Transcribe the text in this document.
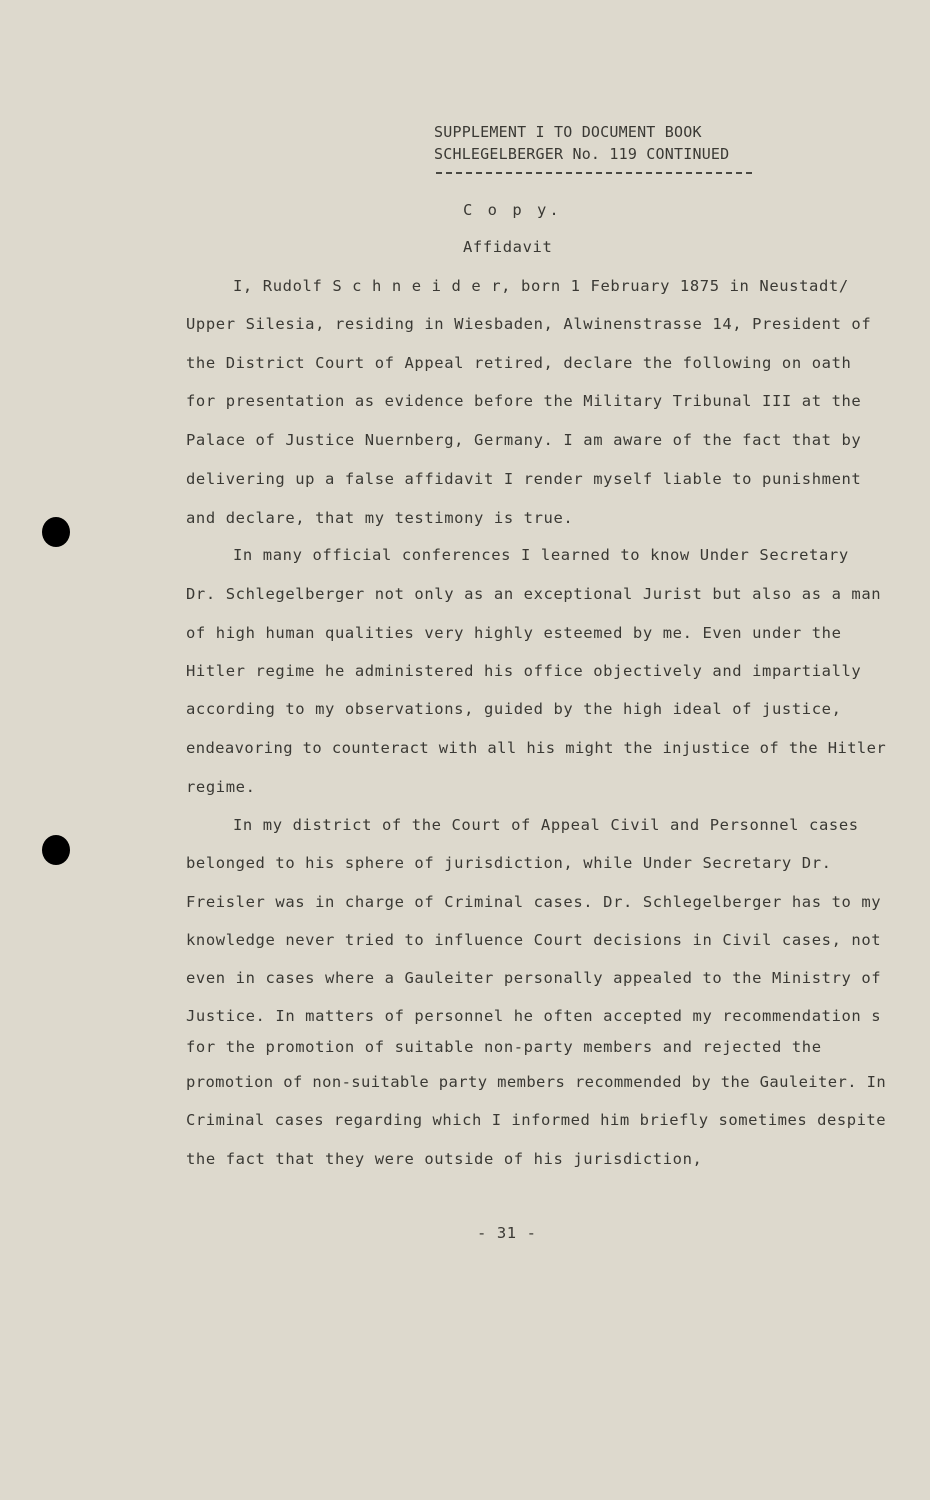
SUPPLEMENT I TO DOCUMENT BOOK
SCHLEGELBERGER No. 119 CONTINUED
C o p y.
Affidavit
I, Rudolf S c h n e i d e r, born 1 February 1875 in Neustadt/
Upper Silesia, residing in Wiesbaden, Alwinenstrasse 14, President of
the District Court of Appeal retired, declare the following on oath
for presentation as evidence before the Military Tribunal III at the
Palace of Justice Nuernberg, Germany. I am aware of the fact that by
delivering up a false affidavit I render myself liable to punishment
and declare, that my testimony is true.
In many official conferences I learned to know Under Secretary
Dr. Schlegelberger not only as an exceptional Jurist but also as a man
of high human qualities very highly esteemed by me. Even under the
Hitler regime he administered his office objectively and impartially
according to my observations, guided by the high ideal of justice,
endeavoring to counteract with all his might the injustice of the Hitler
regime.
In my district of the Court of Appeal Civil and Personnel cases
belonged to his sphere of jurisdiction, while Under Secretary Dr.
Freisler was in charge of Criminal cases. Dr. Schlegelberger has to my
knowledge never tried to influence Court decisions in Civil cases, not
even in cases where a Gauleiter personally appealed to the Ministry of
Justice. In matters of personnel he often accepted my recommendation s
for the promotion of suitable non-party members and rejected the
promotion of non-suitable party members recommended by the Gauleiter. In
Criminal cases regarding which I informed him briefly sometimes despite
the fact that they were outside of his jurisdiction,
- 31 -
